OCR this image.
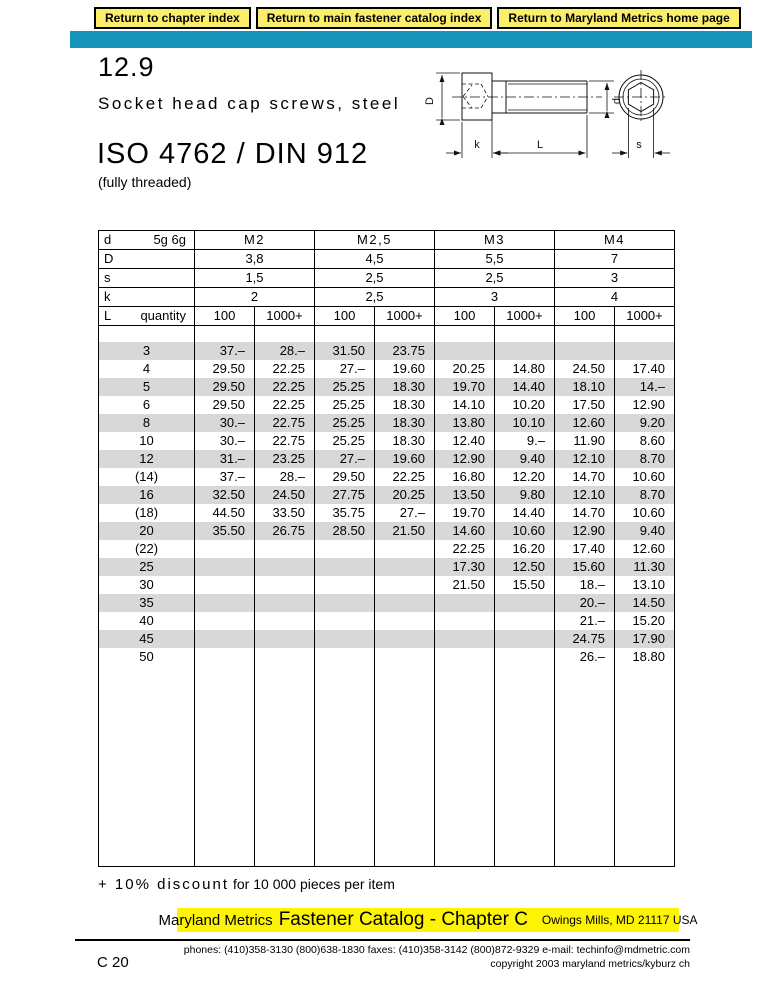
Return to chapter index	Return to main fastener catalog index	Return to Maryland Metrics home page
12.9
Socket head cap screws, steel
ISO 4762 / DIN 912
(fully threaded)
D	d
k	L	s
d 5g 6g	M2		M2,5		M3		M4	
D	3,8		4,5		5,5		7	
s	1,5		2,5		2,5		3	
k	2		2,5		3		4	
L quantity	100	1000+	100	1000+	100	1000+	100	1000+

3	37.–	28.–	31.50	23.75				
4	29.50	22.25	27.–	19.60	20.25	14.80	24.50	17.40
5	29.50	22.25	25.25	18.30	19.70	14.40	18.10	14.–
6	29.50	22.25	25.25	18.30	14.10	10.20	17.50	12.90
8	30.–	22.75	25.25	18.30	13.80	10.10	12.60	9.20
10	30.–	22.75	25.25	18.30	12.40	9.–	11.90	8.60
12	31.–	23.25	27.–	19.60	12.90	9.40	12.10	8.70
(14)	37.–	28.–	29.50	22.25	16.80	12.20	14.70	10.60
16	32.50	24.50	27.75	20.25	13.50	9.80	12.10	8.70
(18)	44.50	33.50	35.75	27.–	19.70	14.40	14.70	10.60
20	35.50	26.75	28.50	21.50	14.60	10.60	12.90	9.40
(22)					22.25	16.20	17.40	12.60
25					17.30	12.50	15.60	11.30
30					21.50	15.50	18.–	13.10
35							20.–	14.50
40							21.–	15.20
45							24.75	17.90
50							26.–	18.80

+ 10% discount for 10 000 pieces per item
Maryland Metrics Fastener Catalog - Chapter C Owings Mills, MD 21117 USA
phones: (410)358-3130 (800)638-1830 faxes: (410)358-3142 (800)872-9329 e-mail: techinfo@mdmetric.com
copyright 2003 maryland metrics/kyburz ch
C 20
